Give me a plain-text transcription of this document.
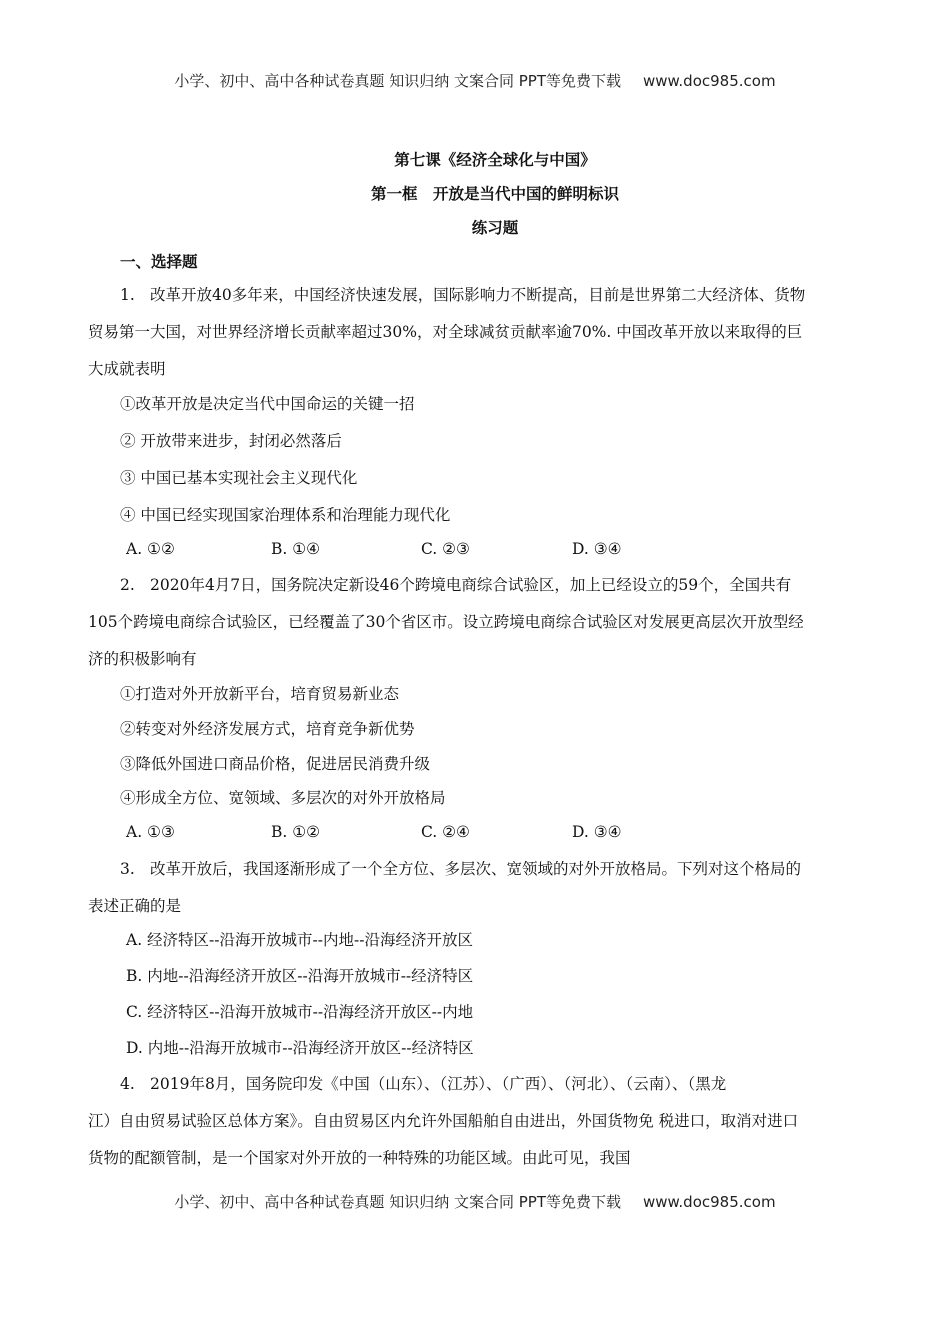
小学、初中、高中各种试卷真题 知识归纳 文案合同 PPT等免费下载 www.doc985.com
第七课《经济全球化与中国》
第一框　开放是当代中国的鲜明标识
练习题
一、选择题
1. 改革开放40多年来，中国经济快速发展，国际影响力不断提高，目前是世界第二大经济体、货物
贸易第一大国，对世界经济增长贡献率超过30%，对全球减贫贡献率逾70%. 中国改革开放以来取得的巨
大成就表明
①改革开放是决定当代中国命运的关键一招
② 开放带来进步，封闭必然落后
③ 中国已基本实现社会主义现代化
④ 中国已经实现国家治理体系和治理能力现代化
A. ①②	B. ①④	C. ②③	D. ③④
2. 2020年4月7日，国务院决定新设46个跨境电商综合试验区，加上已经设立的59个，全国共有
105个跨境电商综合试验区，已经覆盖了30个省区市。设立跨境电商综合试验区对发展更高层次开放型经
济的积极影响有
①打造对外开放新平台，培育贸易新业态
②转变对外经济发展方式，培育竞争新优势
③降低外国进口商品价格，促进居民消费升级
④形成全方位、宽领域、多层次的对外开放格局
A. ①③	B. ①②	C. ②④	D. ③④
3. 改革开放后，我国逐渐形成了一个全方位、多层次、宽领域的对外开放格局。下列对这个格局的
表述正确的是
A. 经济特区--沿海开放城市--内地--沿海经济开放区
B. 内地--沿海经济开放区--沿海开放城市--经济特区
C. 经济特区--沿海开放城市--沿海经济开放区--内地
D. 内地--沿海开放城市--沿海经济开放区--经济特区
4. 2019年8月，国务院印发《中国（山东）、（江苏）、（广西）、（河北）、（云南）、（黑龙
江）自由贸易试验区总体方案》。自由贸易区内允许外国船舶自由进出，外国货物免 税进口，取消对进口
货物的配额管制，是一个国家对外开放的一种特殊的功能区域。由此可见，我国
小学、初中、高中各种试卷真题 知识归纳 文案合同 PPT等免费下载 www.doc985.com
